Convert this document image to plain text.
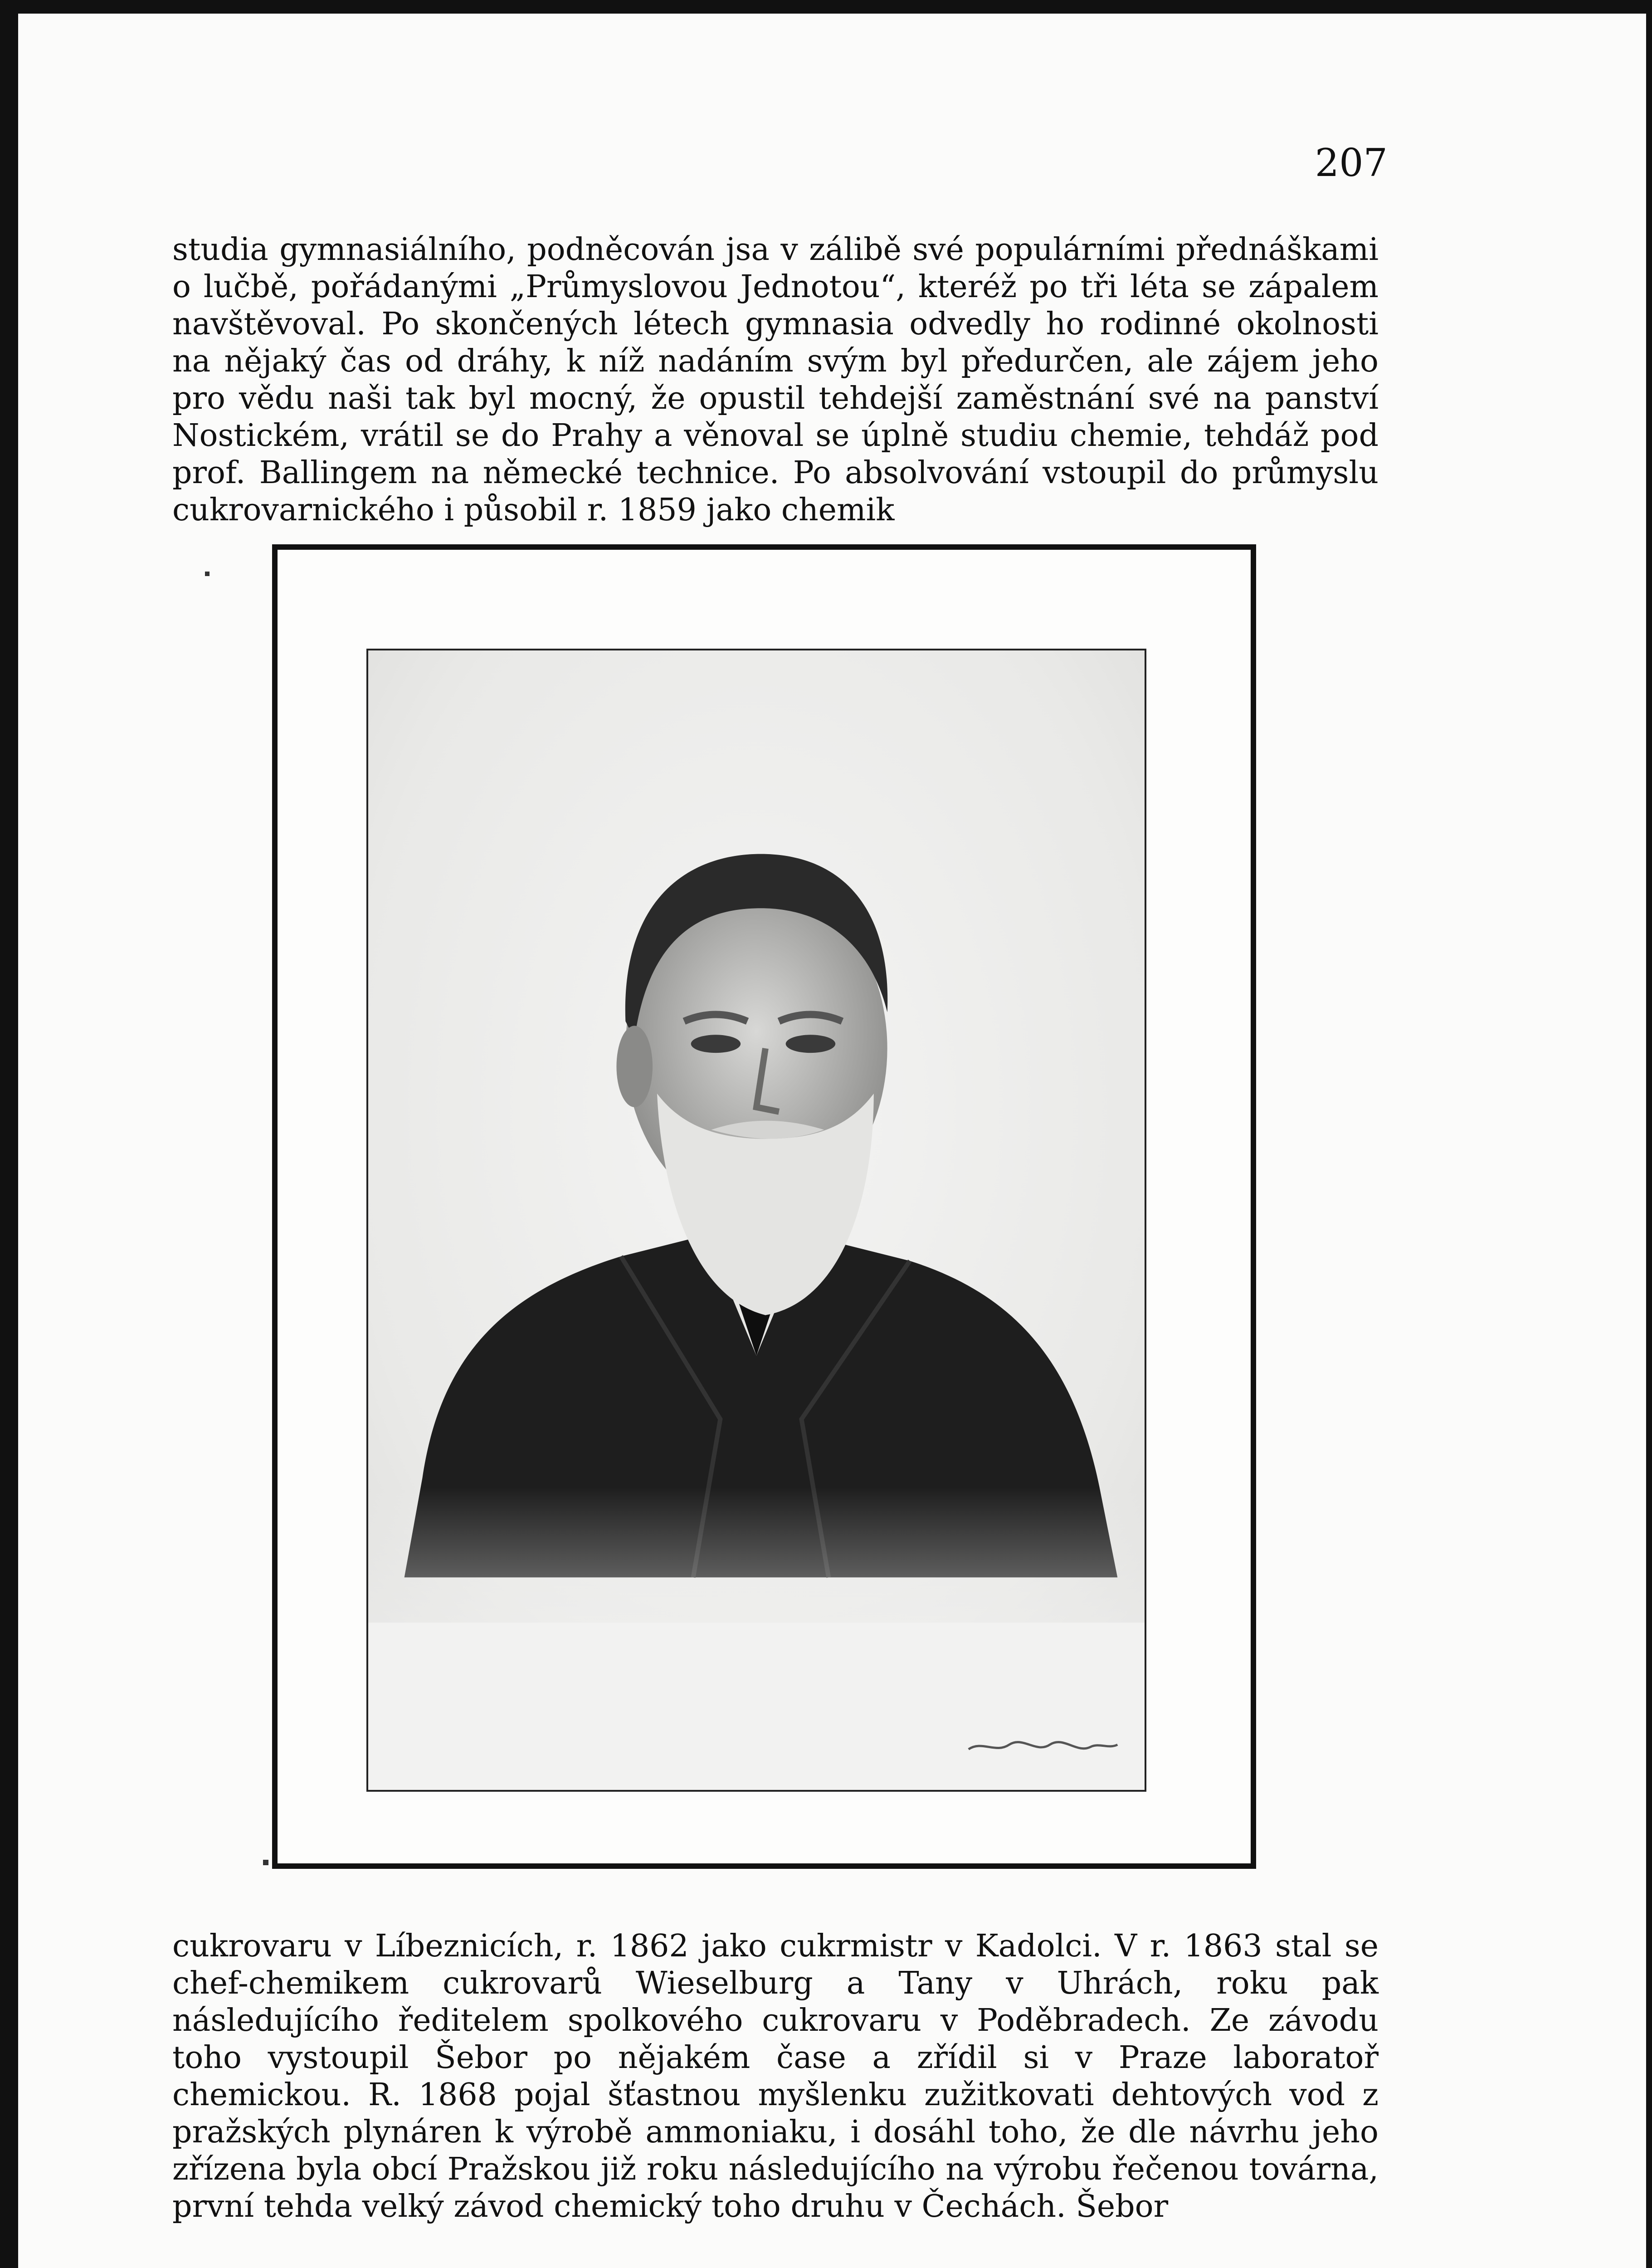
207

studia gymnasiálního, podněcován jsa v zálibě své populárními přednáškami o lučbě, pořádanými „Průmyslovou Jednotou“, kteréž po tři léta se zápalem navštěvoval. Po skončených létech gymnasia odvedly ho rodinné okolnosti na nějaký čas od dráhy, k níž nadáním svým byl předurčen, ale zájem jeho pro vědu naši tak byl mocný, že opustil tehdejší zaměstnání své na panství Nostickém, vrátil se do Prahy a věnoval se úplně studiu chemie, tehdáž pod prof. Ballingem na německé technice. Po absolvování vstoupil do průmyslu cukrovarnického i působil r. 1859 jako chemik

cukrovaru v Líbeznicích, r. 1862 jako cukrmistr v Kadolci. V r. 1863 stal se chef-chemikem cukrovarů Wieselburg a Tany v Uhrách, roku pak následujícího ředitelem spolkového cukrovaru v Poděbradech. Ze závodu toho vystoupil Šebor po nějakém čase a zřídil si v Praze laboratoř chemickou. R. 1868 pojal šťastnou myšlenku zužitkovati dehtových vod z pražských plynáren k výrobě ammoniaku, i dosáhl toho, že dle návrhu jeho zřízena byla obcí Pražskou již roku následujícího na výrobu řečenou továrna, první tehda velký závod chemický toho druhu v Čechách. Šebor
